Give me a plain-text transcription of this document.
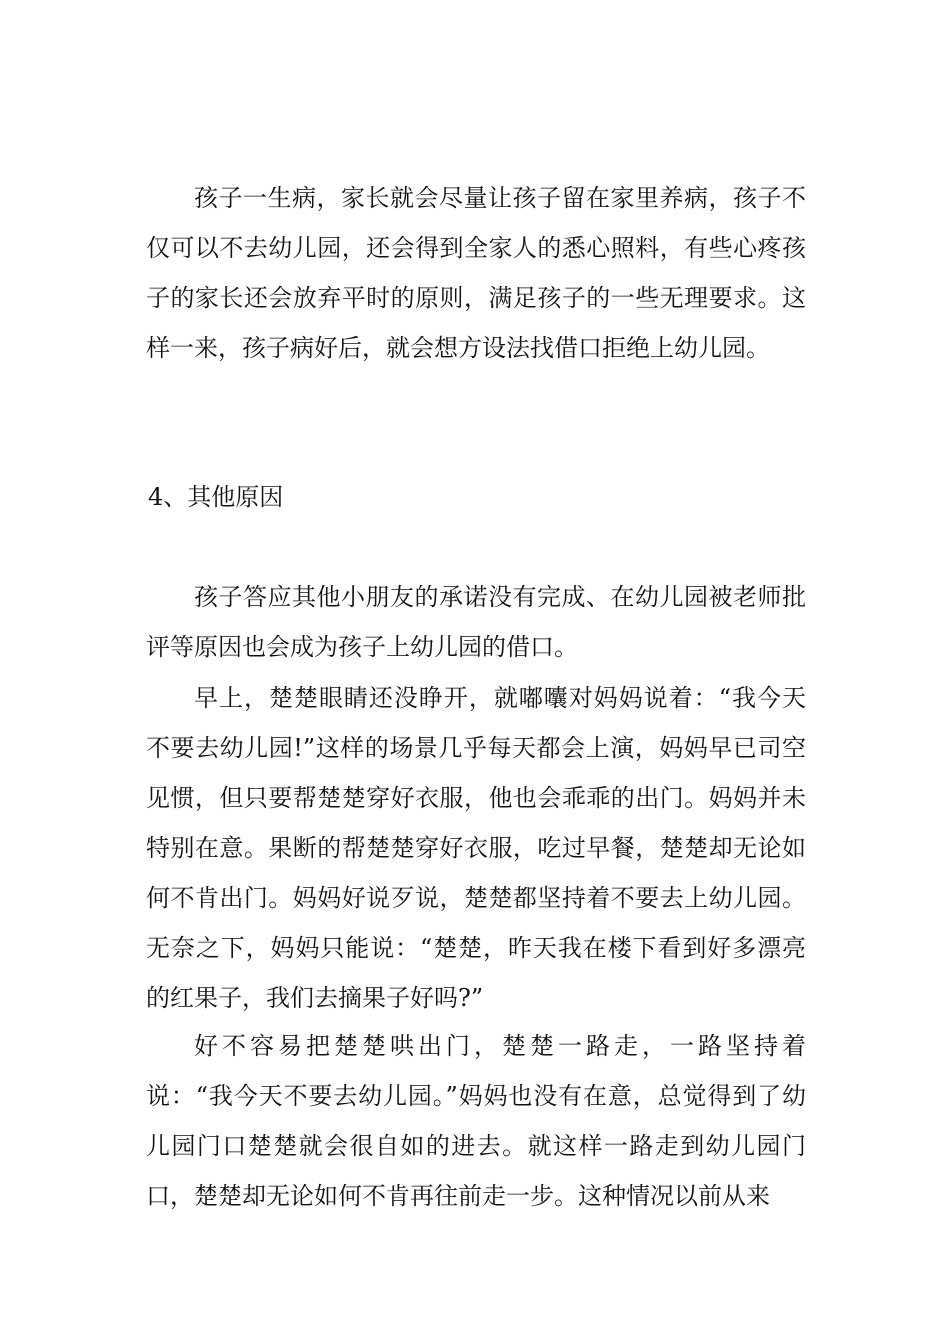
孩子一生病，家长就会尽量让孩子留在家里养病，孩子不仅可以不去幼儿园，还会得到全家人的悉心照料，有些心疼孩子的家长还会放弃平时的原则，满足孩子的一些无理要求。这样一来，孩子病好后，就会想方设法找借口拒绝上幼儿园。

4、其他原因

孩子答应其他小朋友的承诺没有完成、在幼儿园被老师批评等原因也会成为孩子上幼儿园的借口。

早上，楚楚眼睛还没睁开，就嘟囔对妈妈说着：“我今天不要去幼儿园!”这样的场景几乎每天都会上演，妈妈早已司空见惯，但只要帮楚楚穿好衣服，他也会乖乖的出门。妈妈并未特别在意。果断的帮楚楚穿好衣服，吃过早餐，楚楚却无论如何不肯出门。妈妈好说歹说，楚楚都坚持着不要去上幼儿园。无奈之下，妈妈只能说：“楚楚，昨天我在楼下看到好多漂亮的红果子，我们去摘果子好吗?”

好不容易把楚楚哄出门，楚楚一路走，一路坚持着说：“我今天不要去幼儿园。”妈妈也没有在意，总觉得到了幼儿园门口楚楚就会很自如的进去。就这样一路走到幼儿园门口，楚楚却无论如何不肯再往前走一步。这种情况以前从来
